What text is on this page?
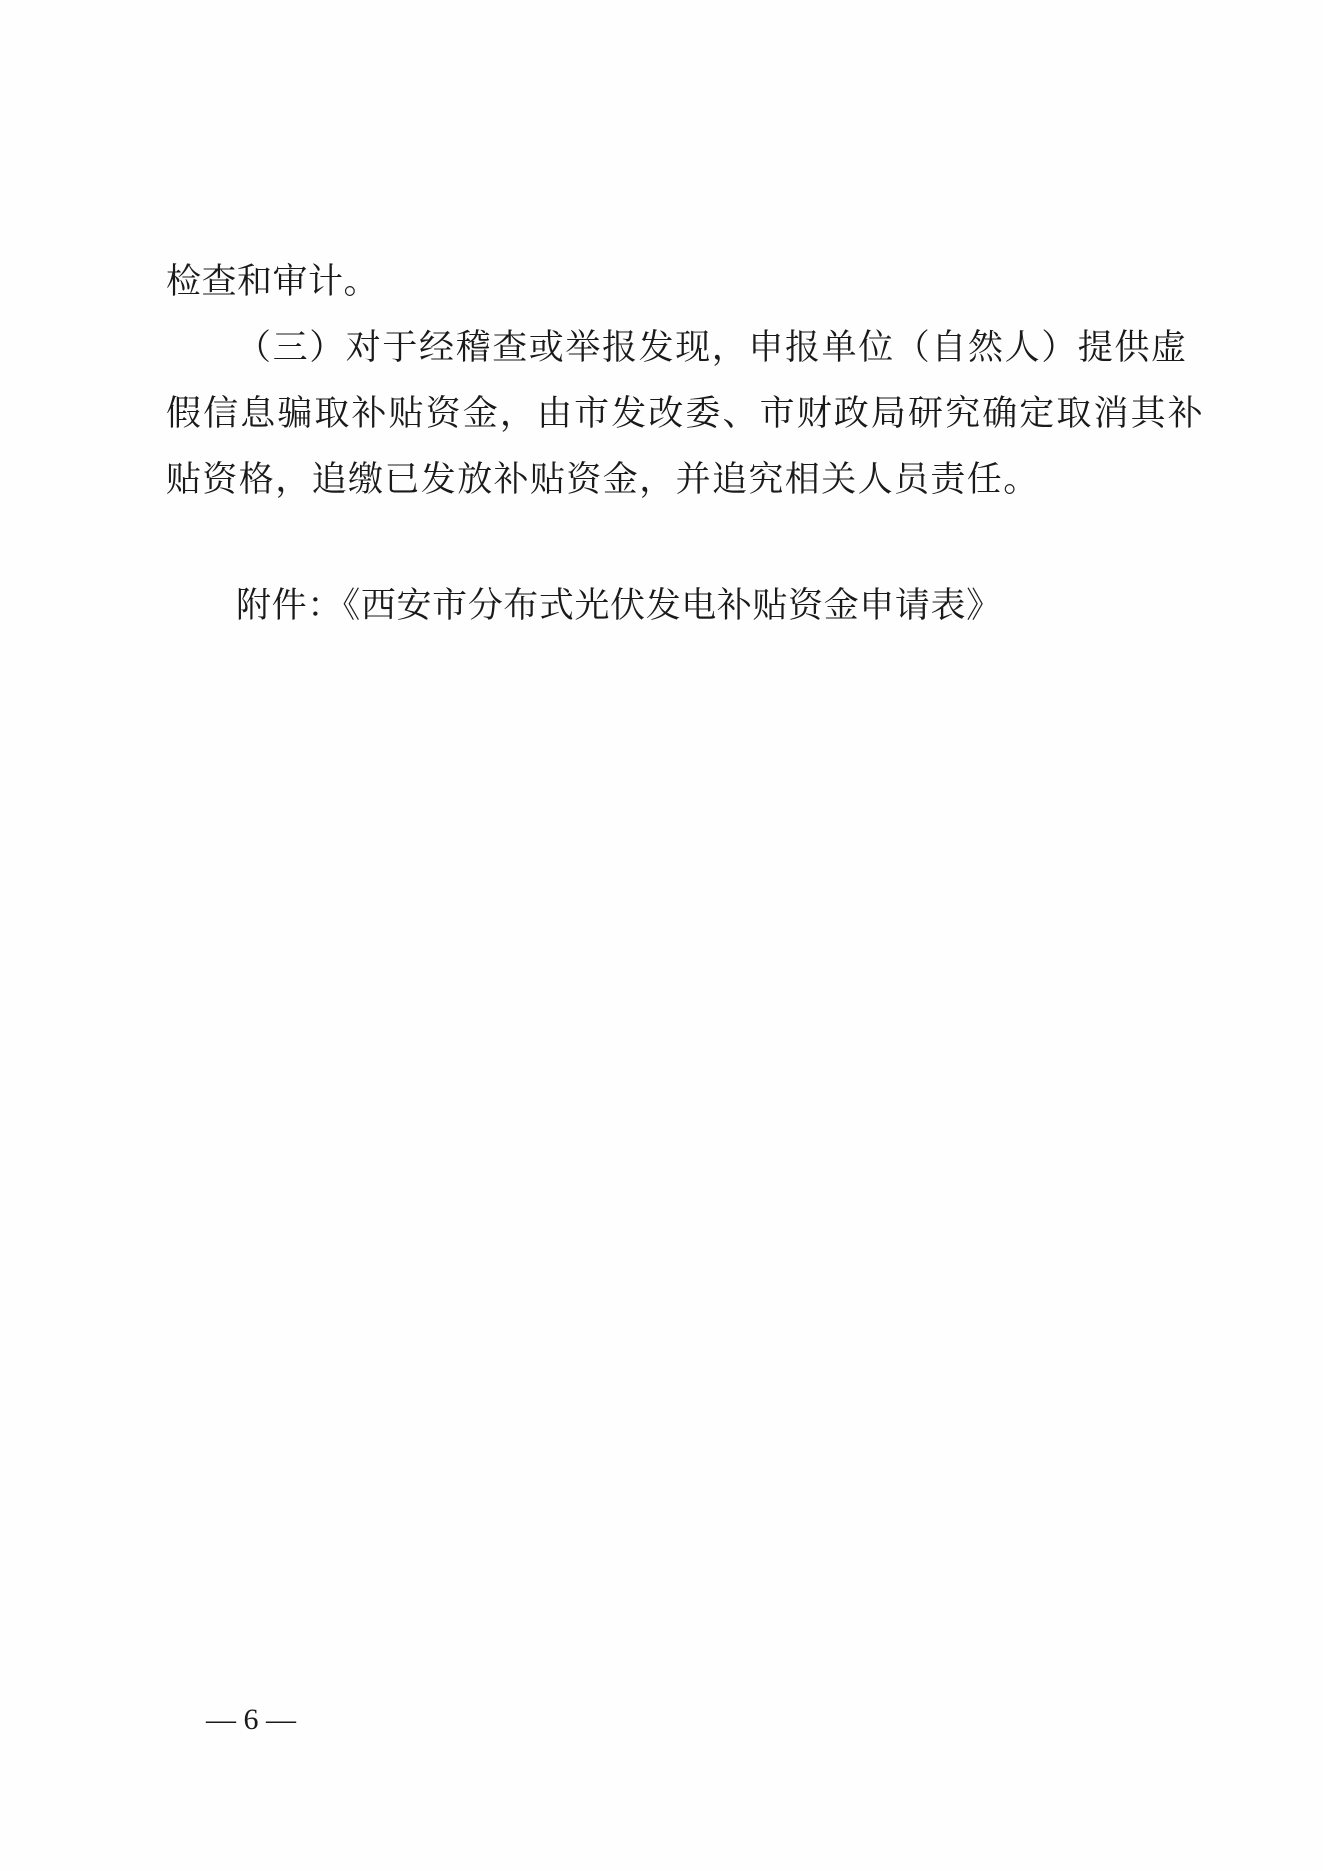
检查和审计。
（三）对于经稽查或举报发现，申报单位（自然人）提供虚
假信息骗取补贴资金，由市发改委、市财政局研究确定取消其补
贴资格，追缴已发放补贴资金，并追究相关人员责任。
附件：《西安市分布式光伏发电补贴资金申请表》
— 6 —
